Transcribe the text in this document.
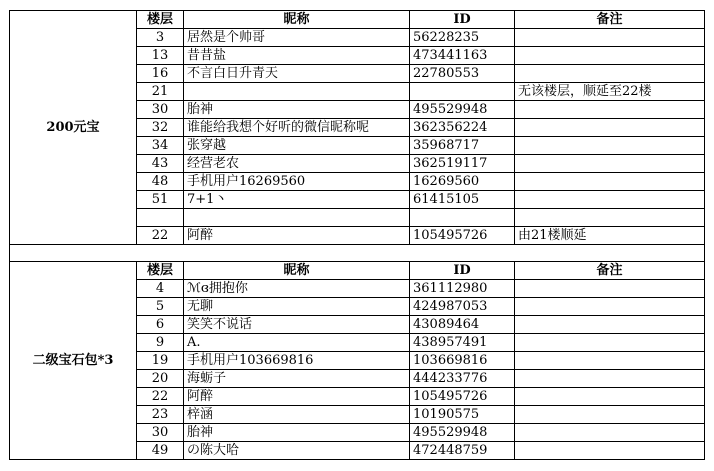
200元宝	楼层	昵称	ID	备注
	3	居然是个帅哥	56228235	
	13	昔昔盐	473441163	
	16	不言白日升青天	22780553	
	21			无该楼层，顺延至22楼
	30	胎神	495529948	
	32	谁能给我想个好听的微信昵称呢	362356224	
	34	张穿越	35968717	
	43	经营老农	362519117	
	48	手机用户16269560	16269560	
	51	7+1丶	61415105	

	22	阿醉	105495726	由21楼顺延

二级宝石包*3	楼层	昵称	ID	备注
	4	ℳɞ拥抱你	361112980	
	5	无聊	424987053	
	6	笑笑不说话	43089464	
	9	A.	438957491	
	19	手机用户103669816	103669816	
	20	海蛎子	444233776	
	22	阿醉	105495726	
	23	梓涵	10190575	
	30	胎神	495529948	
	49	の陈大哈	472448759	
